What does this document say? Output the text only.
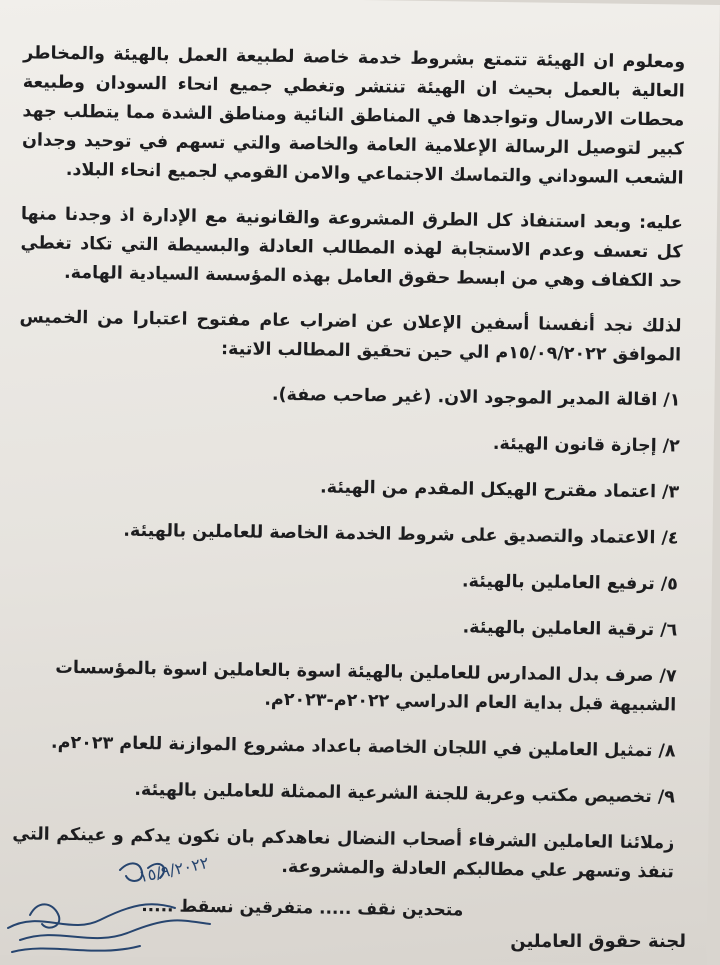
ومعلوم ان الهيئة تتمتع بشروط خدمة خاصة لطبيعة العمل بالهيئة والمخاطر العالية بالعمل بحيث ان الهيئة تنتشر وتغطي جميع انحاء السودان وطبيعة محطات الارسال وتواجدها في المناطق النائية ومناطق الشدة مما يتطلب جهد كبير لتوصيل الرسالة الإعلامية العامة والخاصة والتي تسهم في توحيد وجدان الشعب السوداني والتماسك الاجتماعي والامن القومي لجميع انحاء البلاد.

عليه: وبعد استنفاذ كل الطرق المشروعة والقانونية مع الإدارة اذ وجدنا منها كل تعسف وعدم الاستجابة لهذه المطالب العادلة والبسيطة التي تكاد تغطي حد الكفاف وهي من ابسط حقوق العامل بهذه المؤسسة السيادية الهامة.

لذلك نجد أنفسنا أسفين الإعلان عن اضراب عام مفتوح اعتبارا من الخميس الموافق ١٥/٠٩/٢٠٢٢م الي حين تحقيق المطالب الاتية:

١/اقالة المدير الموجود الان. (غير صاحب صفة).
٢/إجازة قانون الهيئة.
٣/اعتماد مقترح الهيكل المقدم من الهيئة.
٤/الاعتماد والتصديق على شروط الخدمة الخاصة للعاملين بالهيئة.
٥/ترفيع العاملين بالهيئة.
٦/ترقية العاملين بالهيئة.
٧/صرف بدل المدارس للعاملين بالهيئة اسوة بالعاملين اسوة بالمؤسسات الشبيهة قبل بداية العام الدراسي ٢٠٢٢م-٢٠٢٣م.
٨/تمثيل العاملين في اللجان الخاصة باعداد مشروع الموازنة للعام ٢٠٢٣م.
٩/تخصيص مكتب وعربة للجنة الشرعية الممثلة للعاملين بالهيئة.

زملائنا العاملين الشرفاء أصحاب النضال نعاهدكم بان نكون يدكم و عينكم التي تنفذ وتسهر علي مطالبكم العادلة والمشروعة.

متحدين نقف ..... متفرقين نسقط .....
لجنة حقوق العاملين
١٥/٩/٢٠٢٢
